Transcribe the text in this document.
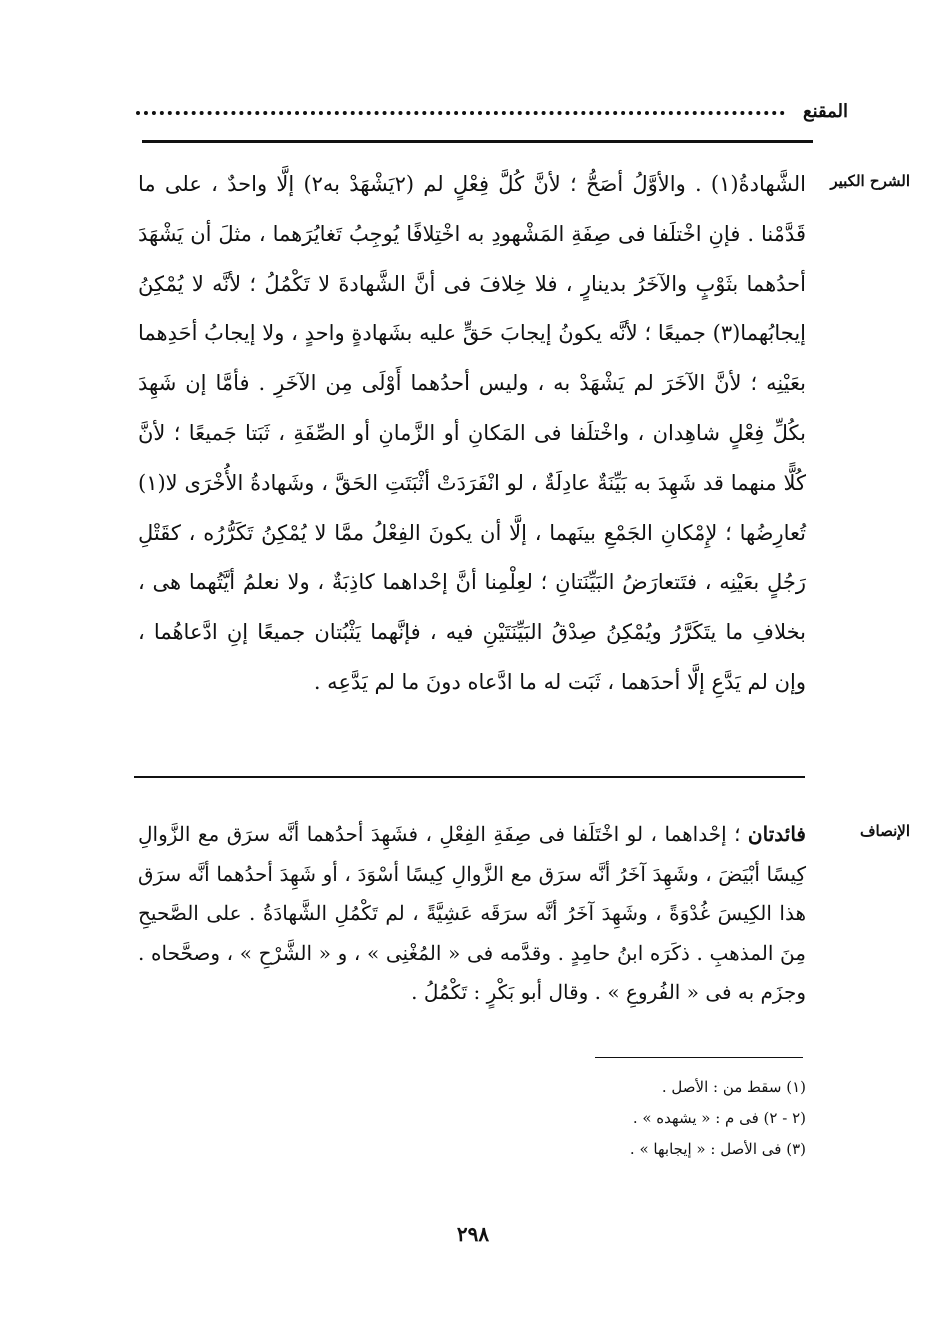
المقنع
الشرح الكبير
الشَّهادةُ(١) . والأوَّلُ أصَحُّ ؛ لأنَّ كُلَّ فِعْلٍ لم (٢يَشْهَدْ به٢) إلَّا واحدٌ ، على ما قَدَّمْنا . فإنِ اخْتلَفا فى صِفَةِ المَشْهودِ به اخْتِلافًا يُوجِبُ تَغايُرَهما ، مثلَ أن يَشْهَدَ أحدُهما بثَوْبٍ والآخَرُ بدينارٍ ، فلا خِلافَ فى أنَّ الشَّهادةَ لا تَكْمُلُ ؛ لأنَّه لا يُمْكِنُ إيجابُهما(٣) جميعًا ؛ لأنَّه يكونُ إيجابَ حَقٍّ عليه بشَهادةٍ واحدٍ ، ولا إيجابُ أحَدِهما بعَيْنِه ؛ لأنَّ الآخَرَ لم يَشْهَدْ به ، وليس أحدُهما أَوْلَى مِن الآخَرِ . فأمَّا إن شَهِدَ بكُلِّ فِعْلٍ شاهِدان ، واخْتلَفا فى المَكانِ أو الزَّمانِ أو الصِّفَةِ ، ثَبَتا جَميعًا ؛ لأنَّ كُلًّا منهما قد شَهِدَ به بَيِّنَةٌ عادِلَةٌ ، لو انْفَرَدَتْ أثْبَتَتِ الحَقَّ ، وشَهادةُ الأُخْرَى لا(١) تُعارِضُها ؛ لإِمْكانِ الجَمْعِ بينَهما ، إلَّا أن يكونَ الفِعْلُ ممَّا لا يُمْكِنُ تَكَرُّرُه ، كقَتْلِ رَجُلٍ بعَيْنِه ، فتَتعارَضُ البَيِّنَتانِ ؛ لعِلْمِنا أنَّ إحْداهما كاذِبَةٌ ، ولا نعلمُ أيَّتُهما هى ، بخلافِ ما يتَكَرَّرُ ويُمْكِنُ صِدْقُ البَيِّنَتَيْنِ فيه ، فإنَّهما يَثْبُتان جميعًا إنِ ادَّعاهُما ، وإن لم يَدَّعِ إلَّا أحدَهما ، ثَبَت له ما ادَّعاه دونَ ما لم يَدَّعِه .
الإنصاف
فائدتان ؛ إحْداهما ، لو اخْتَلَفا فى صِفَةِ الفِعْلِ ، فشَهِدَ أحدُهما أنَّه سرَق مع الزَّوالِ كِيسًا أبْيَضَ ، وشَهِدَ آخَرُ أنَّه سرَق مع الزَّوالِ كِيسًا أسْوَدَ ، أو شَهِدَ أحدُهما أنَّه سرَق هذا الكِيسَ غُدْوَةً ، وشَهِدَ آخَرُ أنَّه سرَقَه عَشِيَّةً ، لم تَكْمُلِ الشَّهادَةُ . على الصَّحيحِ مِنَ المذهبِ . ذكَرَه ابنُ حامِدٍ . وقدَّمه فى « المُغْنِى » ، و « الشَّرْحِ » ، وصحَّحاه . وجزَم به فى « الفُروعِ » . وقال أبو بَكْرٍ : تَكْمُلُ .
(١) سقط من : الأصل .
(٢ - ٢) فى م : « يشهده » .
(٣) فى الأصل : « إيجابها » .
٢٩٨
